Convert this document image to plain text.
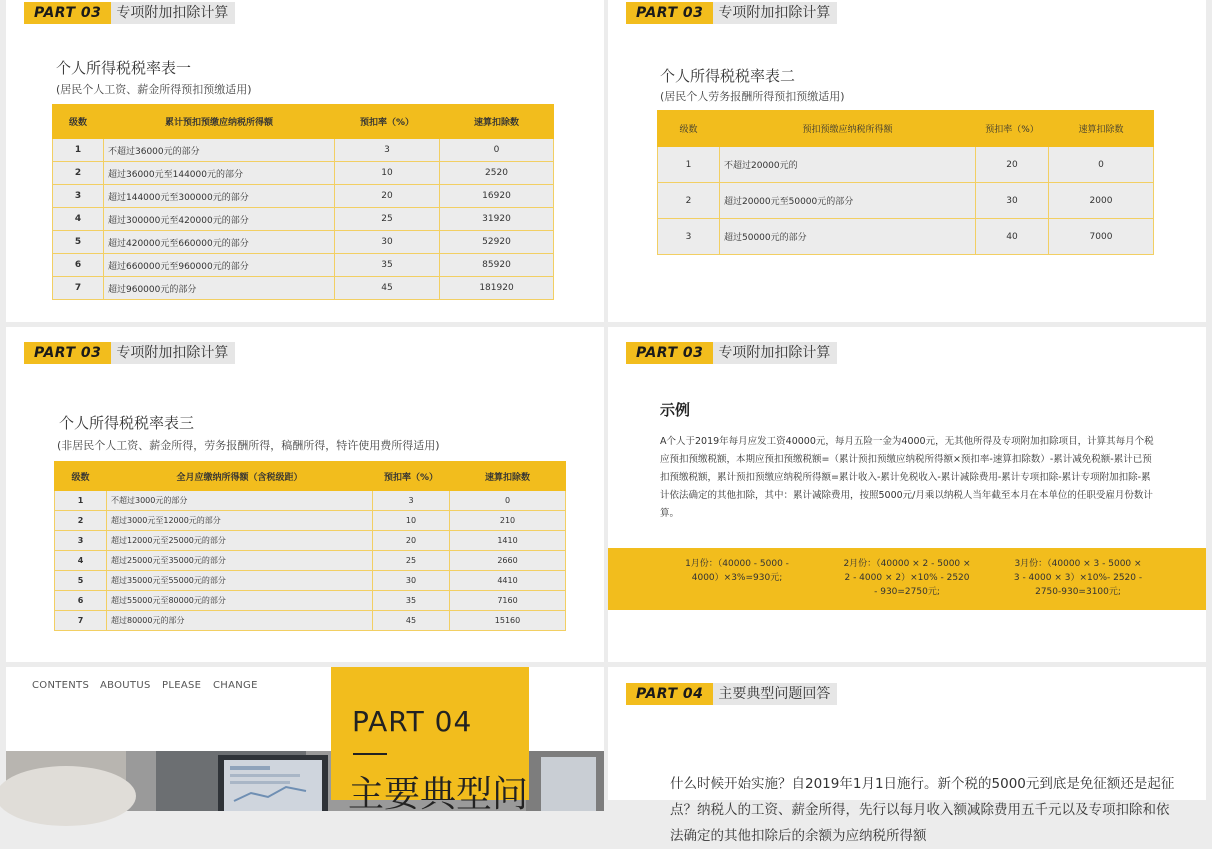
PART 03	专项附加扣除计算
个人所得税税率表一
(居民个人工资、薪金所得预扣预缴适用)
级数	累计预扣预缴应纳税所得额	预扣率（%）	速算扣除数
1	不超过36000元的部分	3	0
2	超过36000元至144000元的部分	10	2520
3	超过144000元至300000元的部分	20	16920
4	超过300000元至420000元的部分	25	31920
5	超过420000元至660000元的部分	30	52920
6	超过660000元至960000元的部分	35	85920
7	超过960000元的部分	45	181920
PART 03	专项附加扣除计算
个人所得税税率表二
(居民个人劳务报酬所得预扣预缴适用)
级数	预扣预缴应纳税所得额	预扣率（%）	速算扣除数
1	不超过20000元的	20	0
2	超过20000元至50000元的部分	30	2000
3	超过50000元的部分	40	7000
PART 03	专项附加扣除计算
个人所得税税率表三
(非居民个人工资、薪金所得，劳务报酬所得，稿酬所得，特许使用费所得适用)
级数	全月应缴纳所得额（含税级距）	预扣率（%）	速算扣除数
1	不超过3000元的部分	3	0
2	超过3000元至12000元的部分	10	210
3	超过12000元至25000元的部分	20	1410
4	超过25000元至35000元的部分	25	2660
5	超过35000元至55000元的部分	30	4410
6	超过55000元至80000元的部分	35	7160
7	超过80000元的部分	45	15160
PART 03	专项附加扣除计算
示例

A个人于2019年每月应发工资40000元，每月五险一金为4000元，无其他所得及专项附加扣除项目，计算其每月个税应预扣预缴税额，本期应预扣预缴税额=（累计预扣预缴应纳税所得额×预扣率-速算扣除数）-累计减免税额-累计已预扣预缴税额，累计预扣预缴应纳税所得额=累计收入-累计免税收入-累计减除费用-累计专项扣除-累计专项附加扣除-累计依法确定的其他扣除，其中：累计减除费用，按照5000元/月乘以纳税人当年截至本月在本单位的任职受雇月份数计算。

1月份：（40000 - 5000 - 4000）×3%=930元;
2月份：（40000 × 2 - 5000 × 2 - 4000 × 2）×10% - 2520 - 930=2750元;
3月份：（40000 × 3 - 5000 × 3 - 4000 × 3）×10%- 2520 - 2750-930=3100元;
CONTENTS ABOUTUS PLEASE CHANGE
PART 04
主要典型问
PART 04	主要典型问题回答

什么时候开始实施？自2019年1月1日施行。新个税的5000元到底是免征额还是起征点？纳税人的工资、薪金所得，先行以每月收入额减除费用五千元以及专项扣除和依法确定的其他扣除后的余额为应纳税所得额
